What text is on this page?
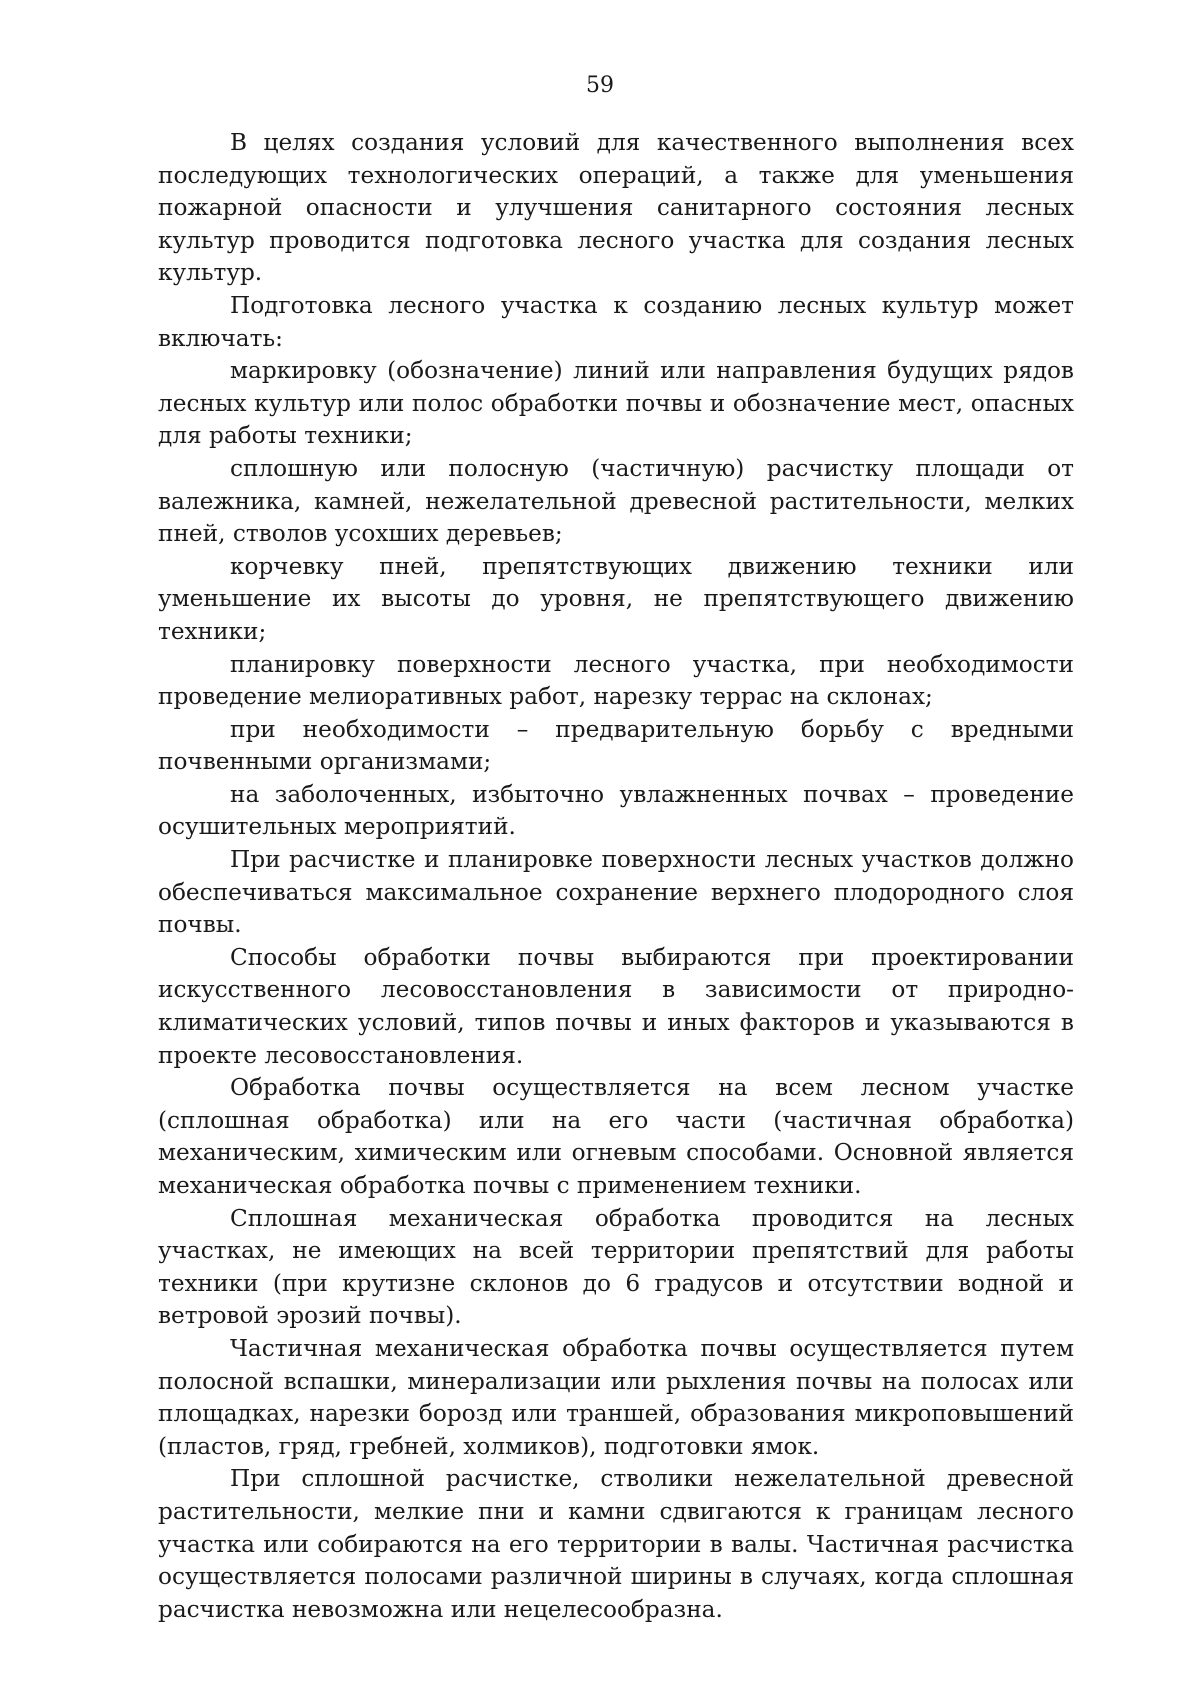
59

В целях создания условий для качественного выполнения всех последующих технологических операций, а также для уменьшения пожарной опасности и улучшения санитарного состояния лесных культур проводится подготовка лесного участка для создания лесных культур.

Подготовка лесного участка к созданию лесных культур может включать:

маркировку (обозначение) линий или направления будущих рядов лесных культур или полос обработки почвы и обозначение мест, опасных для работы техники;

сплошную или полосную (частичную) расчистку площади от валежника, камней, нежелательной древесной растительности, мелких пней, стволов усохших деревьев;

корчевку пней, препятствующих движению техники или уменьшение их высоты до уровня, не препятствующего движению техники;

планировку поверхности лесного участка, при необходимости проведение мелиоративных работ, нарезку террас на склонах;

при необходимости – предварительную борьбу с вредными почвенными организмами;

на заболоченных, избыточно увлажненных почвах – проведение осушительных мероприятий.

При расчистке и планировке поверхности лесных участков должно обеспечиваться максимальное сохранение верхнего плодородного слоя почвы.

Способы обработки почвы выбираются при проектировании искусственного лесовосстановления в зависимости от природно-климатических условий, типов почвы и иных факторов и указываются в проекте лесовосстановления.

Обработка почвы осуществляется на всем лесном участке (сплошная обработка) или на его части (частичная обработка) механическим, химическим или огневым способами. Основной является механическая обработка почвы с применением техники.

Сплошная механическая обработка проводится на лесных участках, не имеющих на всей территории препятствий для работы техники (при крутизне склонов до 6 градусов и отсутствии водной и ветровой эрозий почвы).

Частичная механическая обработка почвы осуществляется путем полосной вспашки, минерализации или рыхления почвы на полосах или площадках, нарезки борозд или траншей, образования микроповышений (пластов, гряд, гребней, холмиков), подготовки ямок.

При сплошной расчистке, стволики нежелательной древесной растительности, мелкие пни и камни сдвигаются к границам лесного участка или собираются на его территории в валы. Частичная расчистка осуществляется полосами различной ширины в случаях, когда сплошная расчистка невозможна или нецелесообразна.
